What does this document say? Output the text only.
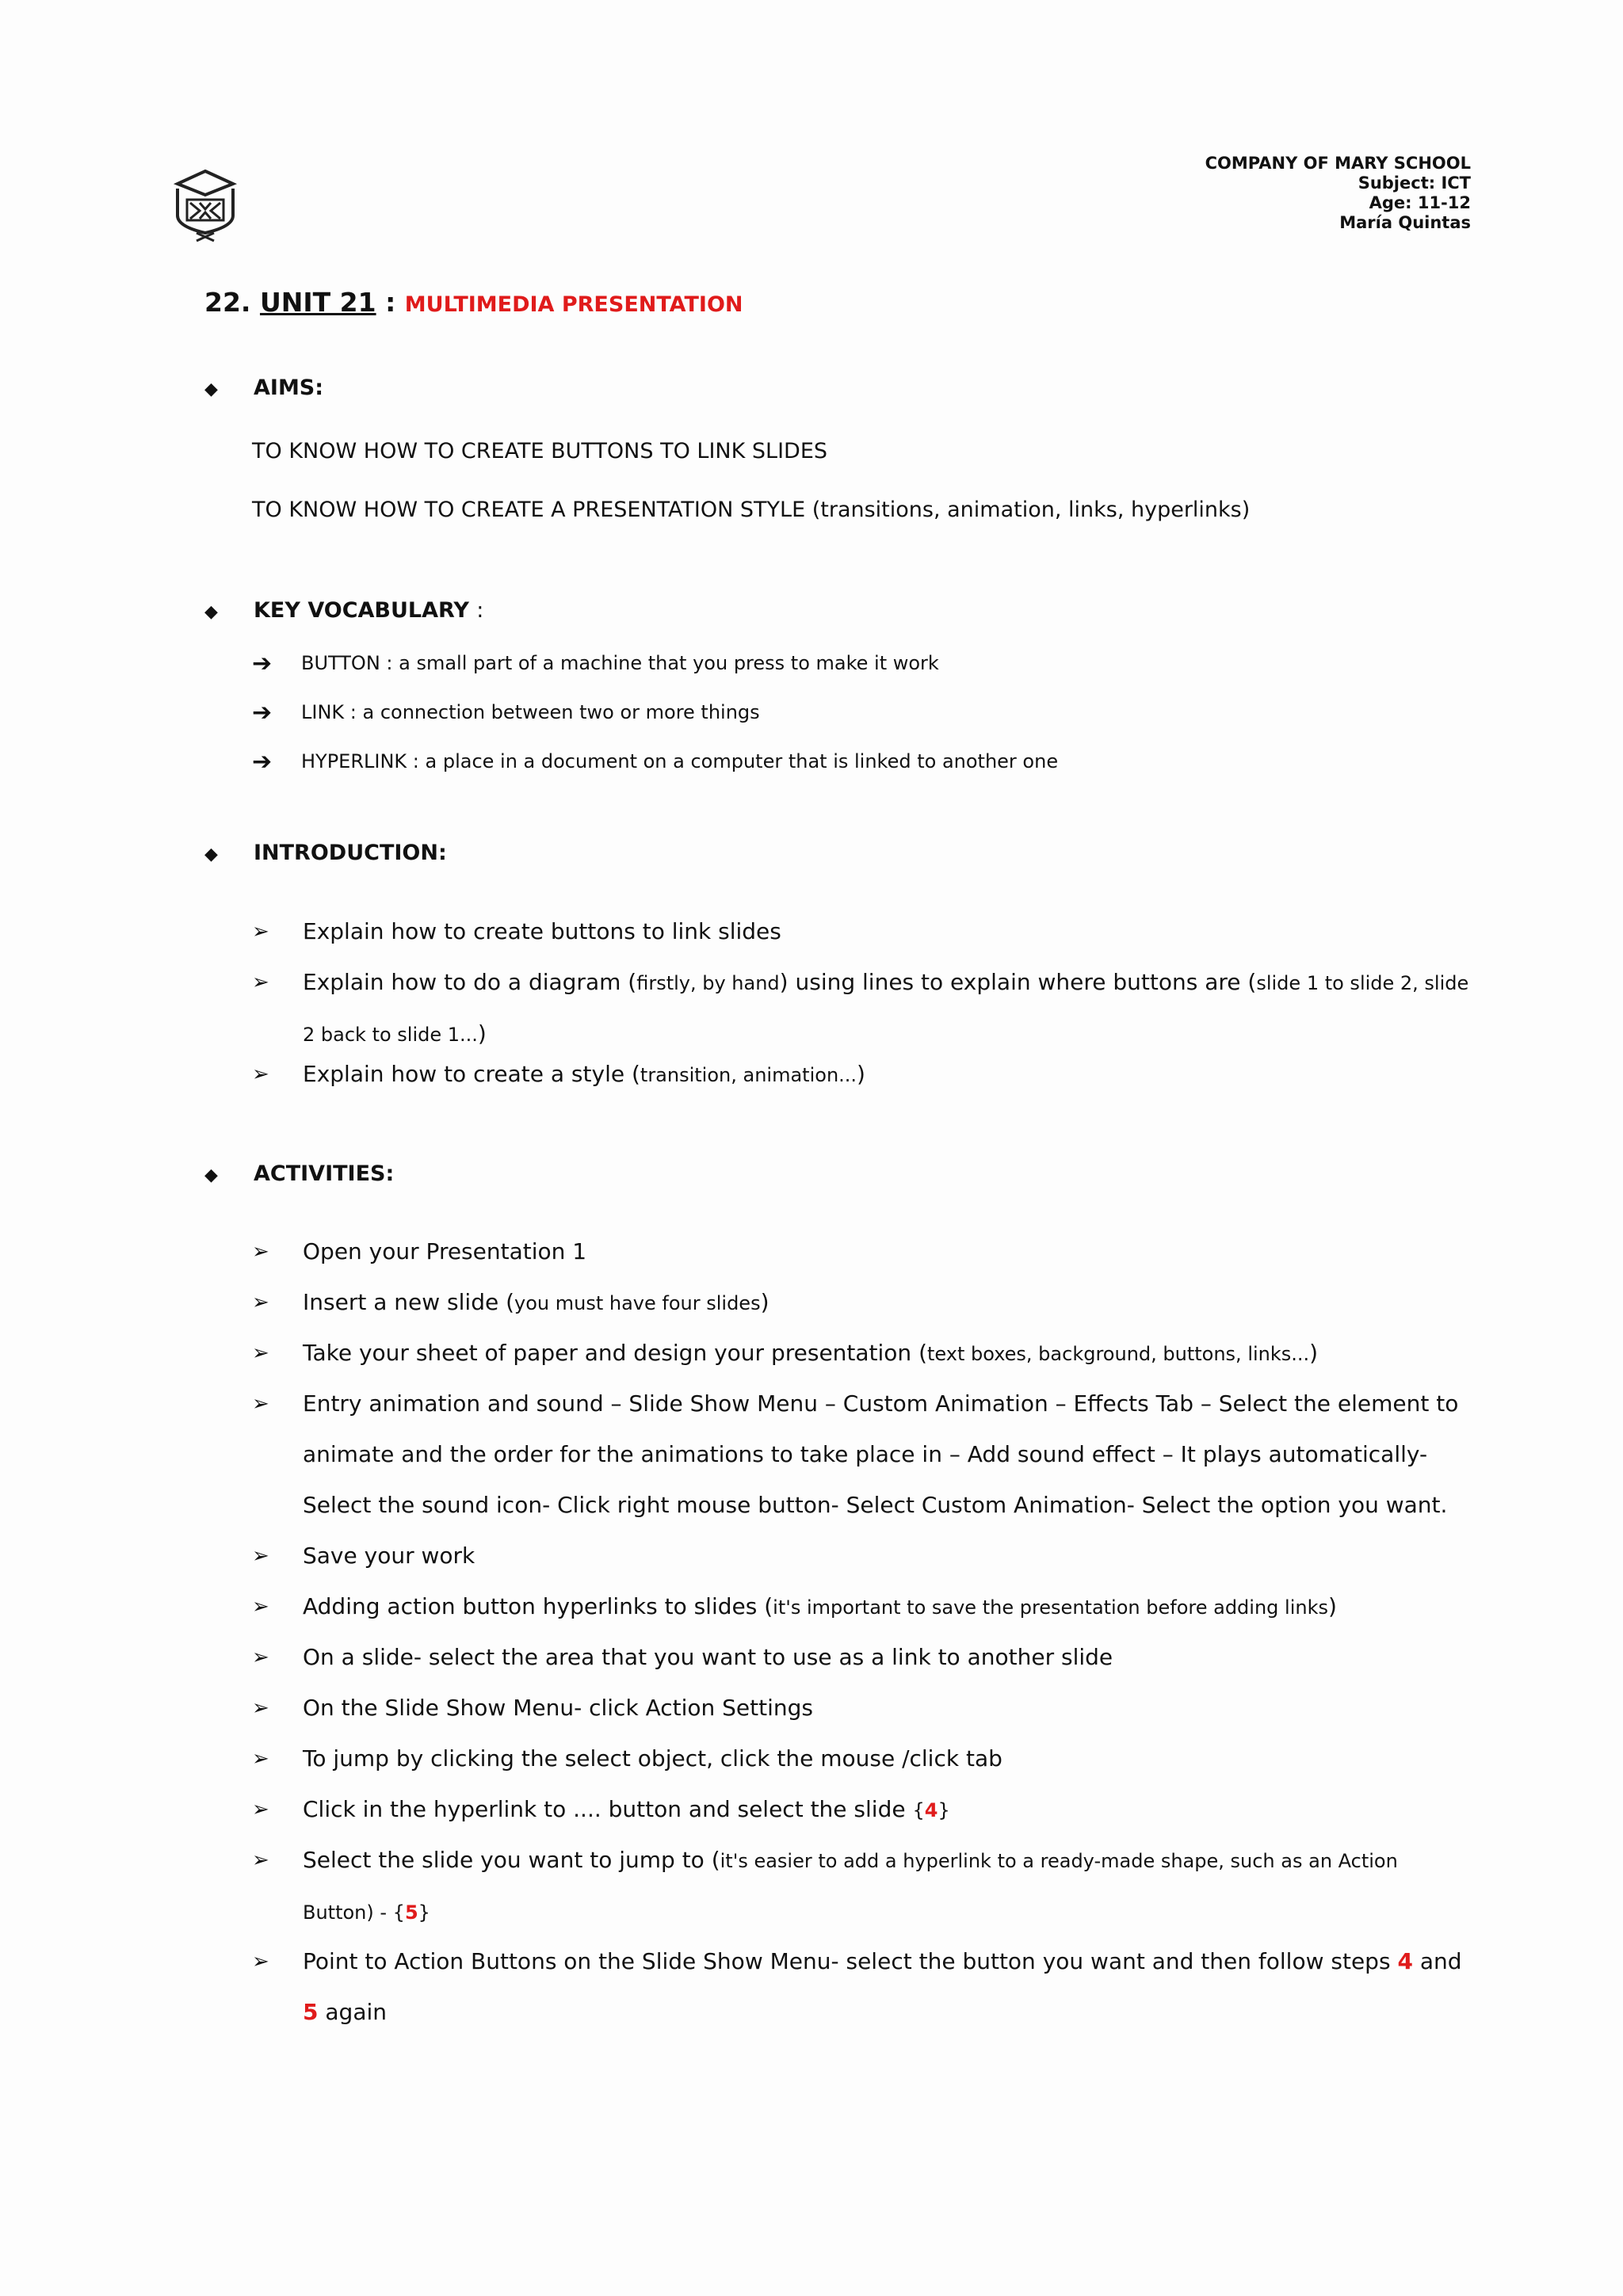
COMPANY OF MARY SCHOOL
Subject: ICT
Age: 11-12
María Quintas
22. UNIT 21 : MULTIMEDIA PRESENTATION
◆ AIMS:
TO KNOW HOW TO CREATE BUTTONS TO LINK SLIDES
TO KNOW HOW TO CREATE A PRESENTATION STYLE (transitions, animation, links, hyperlinks)
◆ KEY VOCABULARY :
➔ BUTTON : a small part of a machine that you press to make it work
➔ LINK : a connection between two or more things
➔ HYPERLINK : a place in a document on a computer that is linked to another one
◆ INTRODUCTION:
➢ Explain how to create buttons to link slides
➢ Explain how to do a diagram (firstly, by hand) using lines to explain where buttons are (slide 1 to slide 2, slide 2 back to slide 1...)
➢ Explain how to create a style (transition, animation...)
◆ ACTIVITIES:
➢ Open your Presentation 1
➢ Insert a new slide (you must have four slides)
➢ Take your sheet of paper and design your presentation (text boxes, background, buttons, links...)
➢ Entry animation and sound – Slide Show Menu – Custom Animation – Effects Tab – Select the element to animate and the order for the animations to take place in – Add sound effect – It plays automatically- Select the sound icon- Click right mouse button- Select Custom Animation- Select the option you want.
➢ Save your work
➢ Adding action button hyperlinks to slides (it's important to save the presentation before adding links)
➢ On a slide- select the area that you want to use as a link to another slide
➢ On the Slide Show Menu- click Action Settings
➢ To jump by clicking the select object, click the mouse /click tab
➢ Click in the hyperlink to .... button and select the slide {4}
➢ Select the slide you want to jump to (it's easier to add a hyperlink to a ready-made shape, such as an Action Button) - {5}
➢ Point to Action Buttons on the Slide Show Menu- select the button you want and then follow steps 4 and 5 again
